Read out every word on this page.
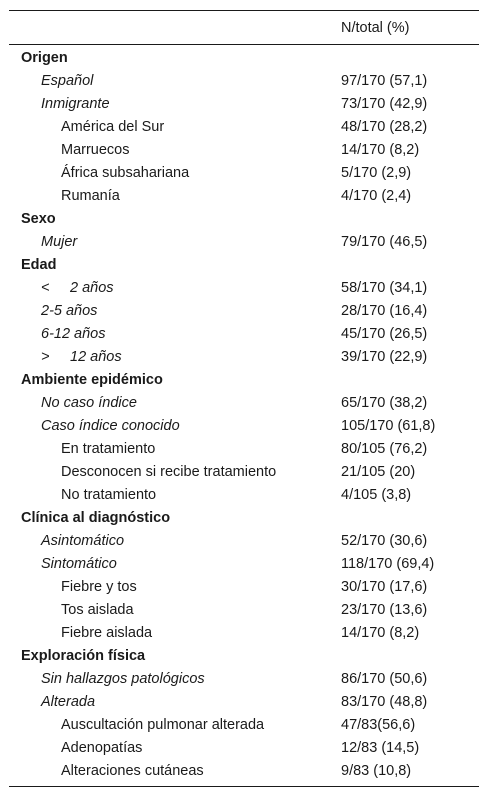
N/total (%)
Origen
Español	97/170 (57,1)
Inmigrante	73/170 (42,9)
América del Sur	48/170 (28,2)
Marruecos	14/170 (8,2)
África subsahariana	5/170 (2,9)
Rumanía	4/170 (2,4)
Sexo
Mujer	79/170 (46,5)
Edad
< 2 años	58/170 (34,1)
2-5 años	28/170 (16,4)
6-12 años	45/170 (26,5)
> 12 años	39/170 (22,9)
Ambiente epidémico
No caso índice	65/170 (38,2)
Caso índice conocido	105/170 (61,8)
En tratamiento	80/105 (76,2)
Desconocen si recibe tratamiento	21/105 (20)
No tratamiento	4/105 (3,8)
Clínica al diagnóstico
Asintomático	52/170 (30,6)
Sintomático	118/170 (69,4)
Fiebre y tos	30/170 (17,6)
Tos aislada	23/170 (13,6)
Fiebre aislada	14/170 (8,2)
Exploración física
Sin hallazgos patológicos	86/170 (50,6)
Alterada	83/170 (48,8)
Auscultación pulmonar alterada	47/83(56,6)
Adenopatías	12/83 (14,5)
Alteraciones cutáneas	9/83 (10,8)
